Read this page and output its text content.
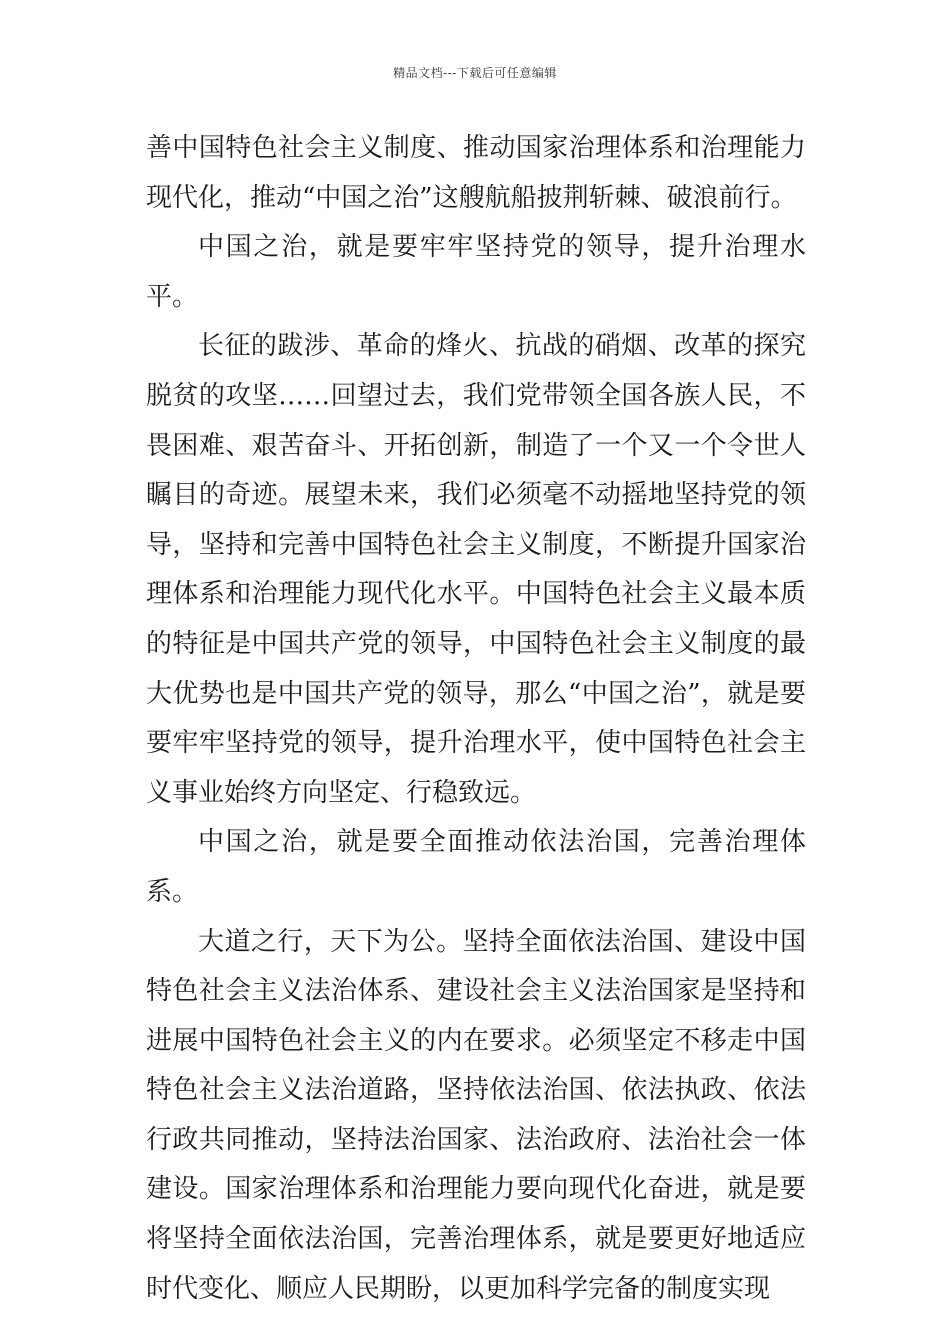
精品文档---下载后可任意编辑

善中国特色社会主义制度、推动国家治理体系和治理能力现代化，推动“中国之治”这艘航船披荆斩棘、破浪前行。

中国之治，就是要牢牢坚持党的领导，提升治理水平。

长征的跋涉、革命的烽火、抗战的硝烟、改革的探究脱贫的攻坚……回望过去，我们党带领全国各族人民，不畏困难、艰苦奋斗、开拓创新，制造了一个又一个令世人瞩目的奇迹。展望未来，我们必须毫不动摇地坚持党的领导，坚持和完善中国特色社会主义制度，不断提升国家治理体系和治理能力现代化水平。中国特色社会主义最本质的特征是中国共产党的领导，中国特色社会主义制度的最大优势也是中国共产党的领导，那么“中国之治”，就是要要牢牢坚持党的领导，提升治理水平，使中国特色社会主义事业始终方向坚定、行稳致远。

中国之治，就是要全面推动依法治国，完善治理体系。

大道之行，天下为公。坚持全面依法治国、建设中国特色社会主义法治体系、建设社会主义法治国家是坚持和进展中国特色社会主义的内在要求。必须坚定不移走中国特色社会主义法治道路，坚持依法治国、依法执政、依法行政共同推动，坚持法治国家、法治政府、法治社会一体建设。国家治理体系和治理能力要向现代化奋进，就是要将坚持全面依法治国，完善治理体系，就是要更好地适应时代变化、顺应人民期盼，以更加科学完备的制度实现
